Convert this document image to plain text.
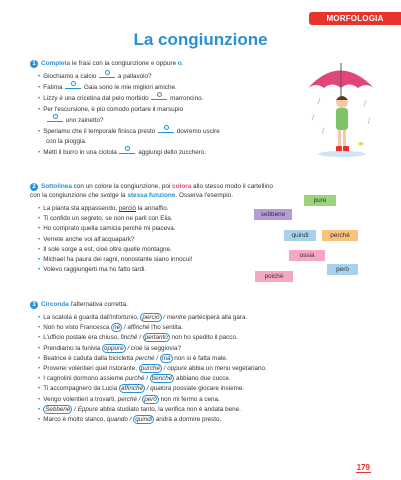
MORFOLOGIA
La congiunzione
1 Completa le frasi con la congiunzione e oppure o.
• Giochiamo a calcio	a pallavolo?
• Fatima	Gaia sono le mie migliori amiche.
• Lizzy è una cricetina dal pelo morbido	marroncino.
• Per l'escursione, è più comodo portare il marsupio
uno zainetto?
• Speriamo che il temporale finisca presto	dovremo uscire
con la pioggia.
• Metti il burro in una ciotola	aggiungi dello zucchero.
2 Sottolinea con un colore la congiunzione, poi colora allo stesso modo il cartellino
con la congiunzione che svolge la stessa funzione. Osserva l'esempio.
• La pianta sta appassendo, perciò la annaffio.
• Ti confido un segreto, se non ne parli con Elia.
• Ho comprato quella camicia perché mi piaceva.
• Verrete anche voi all'acquapark?
• Il sole sorge a est, cioè oltre quelle montagne.
• Michael ha paura dei ragni, nonostante siano innocui!
• Volevo raggiungerti ma ho fatto tardi.
pure
sebbene
quindi	perché
ossia
però
poiché
3 Circonda l'alternativa corretta.
• La scatola è guarita dall'infortunio, perciò / mentre parteciperà alla gara.
• Non ho visto Francesca né / affinché l'ho sentita.
• L'ufficio postale era chiuso, finché / pertanto non ho spedito il pacco.
• Prendiamo la funivia oppure / cioè la seggiovia?
• Beatrice è caduta dalla bicicletta perché / ma non si è fatta male.
• Proverei volentieri quel ristorante, purché / oppure abbia un menu vegetariano.
• I cagnolini dormono assieme purché / benché abbiano due cucce.
• Ti accompagnerò da Lucia affinché / qualora possiate giocare insieme.
• Vengo volentieri a trovarti, perché / però non mi fermo a cena.
• Sebbene / Eppure abbia studiato tanto, la verifica non è andata bene.
• Marco è molto stanco, quando / quindi andrà a dormire presto.
179
